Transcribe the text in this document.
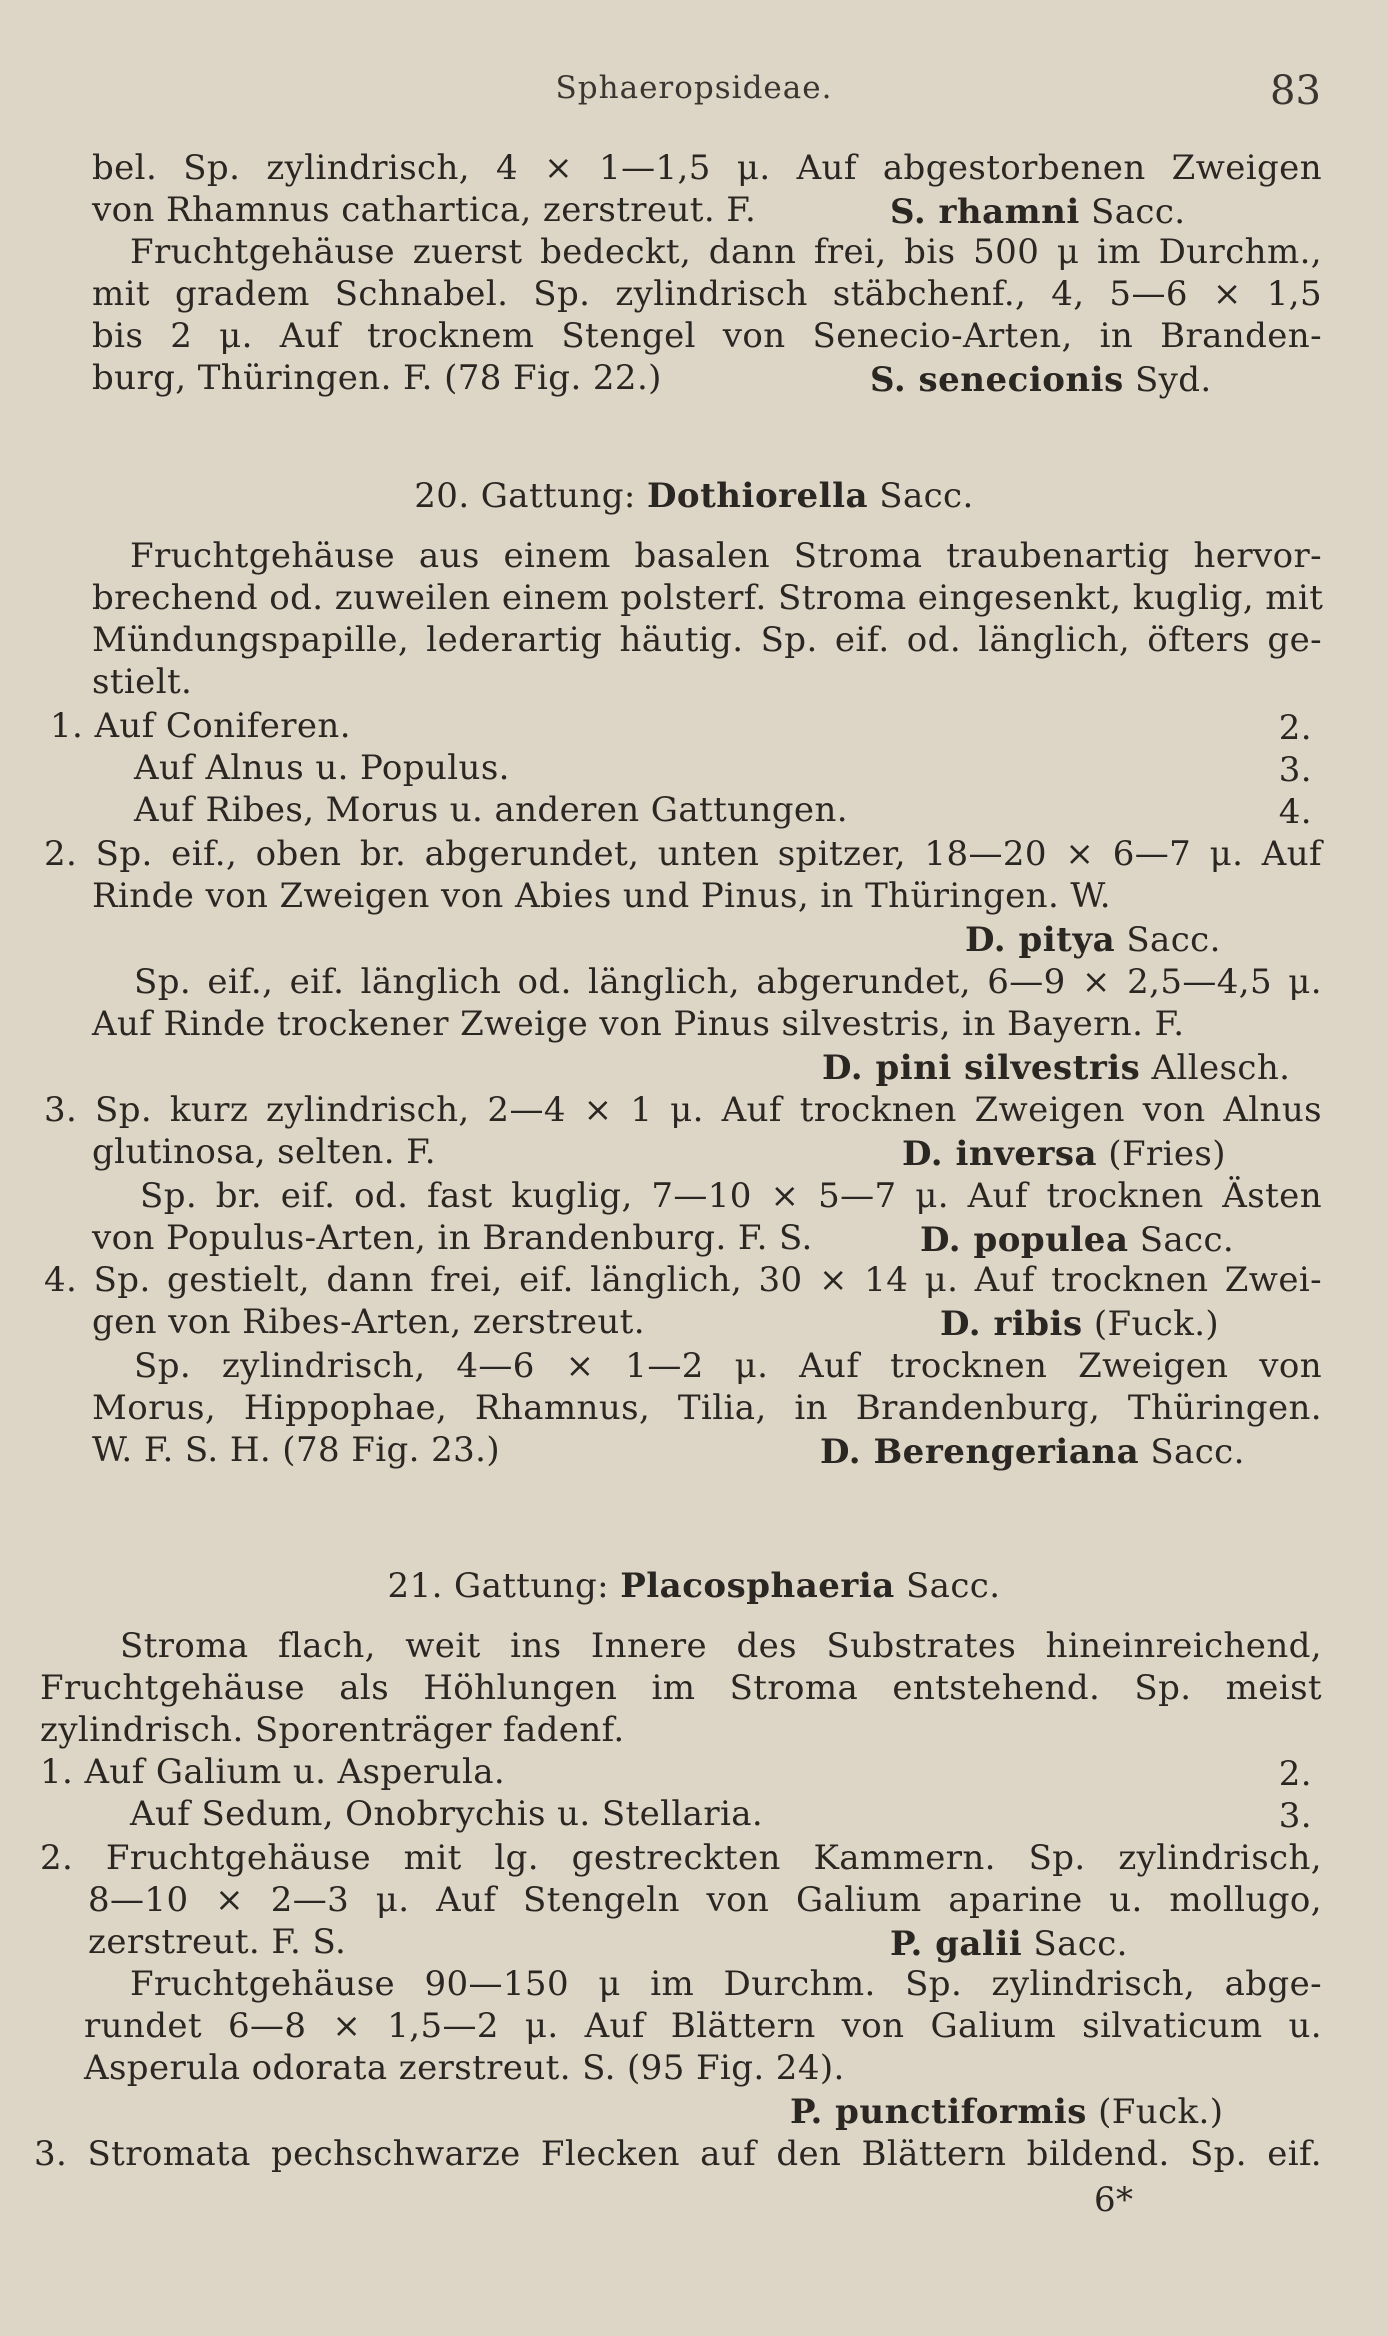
Sphaeropsideae.	83
bel. Sp. zylindrisch, 4 × 1—1,5 μ. Auf abgestorbenen Zweigen
von Rhamnus cathartica, zerstreut. F.	S. rhamni Sacc.
Fruchtgehäuse zuerst bedeckt, dann frei, bis 500 μ im Durchm.,
mit gradem Schnabel. Sp. zylindrisch stäbchenf., 4, 5—6 × 1,5
bis 2 μ. Auf trocknem Stengel von Senecio-Arten, in Branden-
burg, Thüringen. F. (78 Fig. 22.)	S. senecionis Syd.
20. Gattung: Dothiorella Sacc.
Fruchtgehäuse aus einem basalen Stroma traubenartig hervor-
brechend od. zuweilen einem polsterf. Stroma eingesenkt, kuglig, mit
Mündungspapille, lederartig häutig. Sp. eif. od. länglich, öfters ge-
stielt.
1. Auf Coniferen.	2.
Auf Alnus u. Populus.	3.
Auf Ribes, Morus u. anderen Gattungen.	4.
2. Sp. eif., oben br. abgerundet, unten spitzer, 18—20 × 6—7 μ. Auf
Rinde von Zweigen von Abies und Pinus, in Thüringen. W.
D. pitya Sacc.
Sp. eif., eif. länglich od. länglich, abgerundet, 6—9 × 2,5—4,5 μ.
Auf Rinde trockener Zweige von Pinus silvestris, in Bayern. F.
D. pini silvestris Allesch.
3. Sp. kurz zylindrisch, 2—4 × 1 μ. Auf trocknen Zweigen von Alnus
glutinosa, selten. F.	D. inversa (Fries)
Sp. br. eif. od. fast kuglig, 7—10 × 5—7 μ. Auf trocknen Ästen
von Populus-Arten, in Brandenburg. F. S.	D. populea Sacc.
4. Sp. gestielt, dann frei, eif. länglich, 30 × 14 μ. Auf trocknen Zwei-
gen von Ribes-Arten, zerstreut.	D. ribis (Fuck.)
Sp. zylindrisch, 4—6 × 1—2 μ. Auf trocknen Zweigen von
Morus, Hippophae, Rhamnus, Tilia, in Brandenburg, Thüringen.
W. F. S. H. (78 Fig. 23.)	D. Berengeriana Sacc.
21. Gattung: Placosphaeria Sacc.
Stroma flach, weit ins Innere des Substrates hineinreichend,
Fruchtgehäuse als Höhlungen im Stroma entstehend. Sp. meist
zylindrisch. Sporenträger fadenf.
1. Auf Galium u. Asperula.	2.
Auf Sedum, Onobrychis u. Stellaria.	3.
2. Fruchtgehäuse mit lg. gestreckten Kammern. Sp. zylindrisch,
8—10 × 2—3 μ. Auf Stengeln von Galium aparine u. mollugo,
zerstreut. F. S.	P. galii Sacc.
Fruchtgehäuse 90—150 μ im Durchm. Sp. zylindrisch, abge-
rundet 6—8 × 1,5—2 μ. Auf Blättern von Galium silvaticum u.
Asperula odorata zerstreut. S. (95 Fig. 24).
P. punctiformis (Fuck.)
3. Stromata pechschwarze Flecken auf den Blättern bildend. Sp. eif.
6*
